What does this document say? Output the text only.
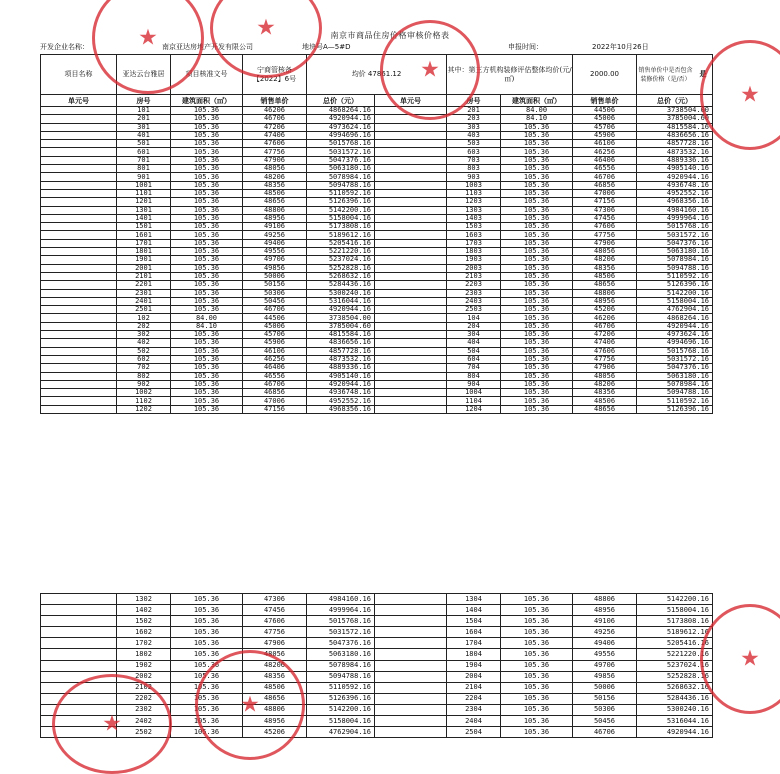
南京市商品住房价格审核价格表
开发企业名称：	南京亚达房地产开发有限公司	地块号A—5#D	申报时间：	2022年10月26日
项目名称	亚达云台雅居	项目核准文号	宁商管核备【2022】6号	均价 47861.12		其中：第三方机构装修评估整体均价(元/㎡)		2000.00	销售单价中是否包含装修价格（是/否）
是

单元号	房号	建筑面积（㎡）	销售单价	总价（元）	单元号	房号	建筑面积（㎡）	销售单价	总价（元）
	101	105.36	46206	4868264.16		201	84.00	44506	3738504.00
	201	105.36	46706	4920944.16		203	84.10	45006	3785004.60
	301	105.36	47206	4973624.16		303	105.36	45706	4815584.16
	401	105.36	47406	4994696.16		403	105.36	45906	4836656.16
	501	105.36	47606	5015768.16		503	105.36	46106	4857728.16
	601	105.36	47756	5031572.16		603	105.36	46256	4873532.16
	701	105.36	47906	5047376.16		703	105.36	46406	4889336.16
	801	105.36	48056	5063180.16		803	105.36	46556	4905140.16
	901	105.36	48206	5078984.16		903	105.36	46706	4920944.16
	1001	105.36	48356	5094788.16		1003	105.36	46856	4936748.16
	1101	105.36	48506	5110592.16		1103	105.36	47006	4952552.16
	1201	105.36	48656	5126396.16		1203	105.36	47156	4968356.16
	1301	105.36	48806	5142200.16		1303	105.36	47306	4984160.16
	1401	105.36	48956	5158004.16		1403	105.36	47456	4999964.16
	1501	105.36	49106	5173808.16		1503	105.36	47606	5015768.16
	1601	105.36	49256	5189612.16		1603	105.36	47756	5031572.16
	1701	105.36	49406	5205416.16		1703	105.36	47906	5047376.16
	1801	105.36	49556	5221220.16		1803	105.36	48056	5063180.16
	1901	105.36	49706	5237024.16		1903	105.36	48206	5078984.16
	2001	105.36	49856	5252828.16		2003	105.36	48356	5094788.16
	2101	105.36	50006	5268632.16		2103	105.36	48506	5110592.16
	2201	105.36	50156	5284436.16		2203	105.36	48656	5126396.16
	2301	105.36	50306	5300240.16		2303	105.36	48806	5142200.16
	2401	105.36	50456	5316044.16		2403	105.36	48956	5158004.16
	2501	105.36	46706	4920944.16		2503	105.36	45206	4762904.16
	102	84.00	44506	3738504.00		104	105.36	46206	4868264.16
	202	84.10	45006	3785004.60		204	105.36	46706	4920944.16
	302	105.36	45706	4815584.16		304	105.36	47206	4973624.16
	402	105.36	45906	4836656.16		404	105.36	47406	4994696.16
	502	105.36	46106	4857728.16		504	105.36	47606	5015768.16
	602	105.36	46256	4873532.16		604	105.36	47756	5031572.16
	702	105.36	46406	4889336.16		704	105.36	47906	5047376.16
	802	105.36	46556	4905140.16		804	105.36	48056	5063180.16
	902	105.36	46706	4920944.16		904	105.36	48206	5078984.16
	1002	105.36	46856	4936748.16		1004	105.36	48356	5094788.16
	1102	105.36	47006	4952552.16		1104	105.36	48506	5110592.16
	1202	105.36	47156	4968356.16		1204	105.36	48656	5126396.16
	1302	105.36	47306	4984160.16		1304	105.36	48806	5142200.16
	1402	105.36	47456	4999964.16		1404	105.36	48956	5158004.16
	1502	105.36	47606	5015768.16		1504	105.36	49106	5173808.16
	1602	105.36	47756	5031572.16		1604	105.36	49256	5189612.16
	1702	105.36	47906	5047376.16		1704	105.36	49406	5205416.16
	1802	105.36	48056	5063180.16		1804	105.36	49556	5221220.16
	1902	105.36	48206	5078984.16		1904	105.36	49706	5237024.16
	2002	105.36	48356	5094788.16		2004	105.36	49856	5252828.16
	2102	105.36	48506	5110592.16		2104	105.36	50006	5268632.16
	2202	105.36	48656	5126396.16		2204	105.36	50156	5284436.16
	2302	105.36	48806	5142200.16		2304	105.36	50306	5300240.16
	2402	105.36	48956	5158004.16		2404	105.36	50456	5316044.16
	2502	105.36	45206	4762904.16		2504	105.36	46706	4920944.16
★	★
★
★
★
★
★
